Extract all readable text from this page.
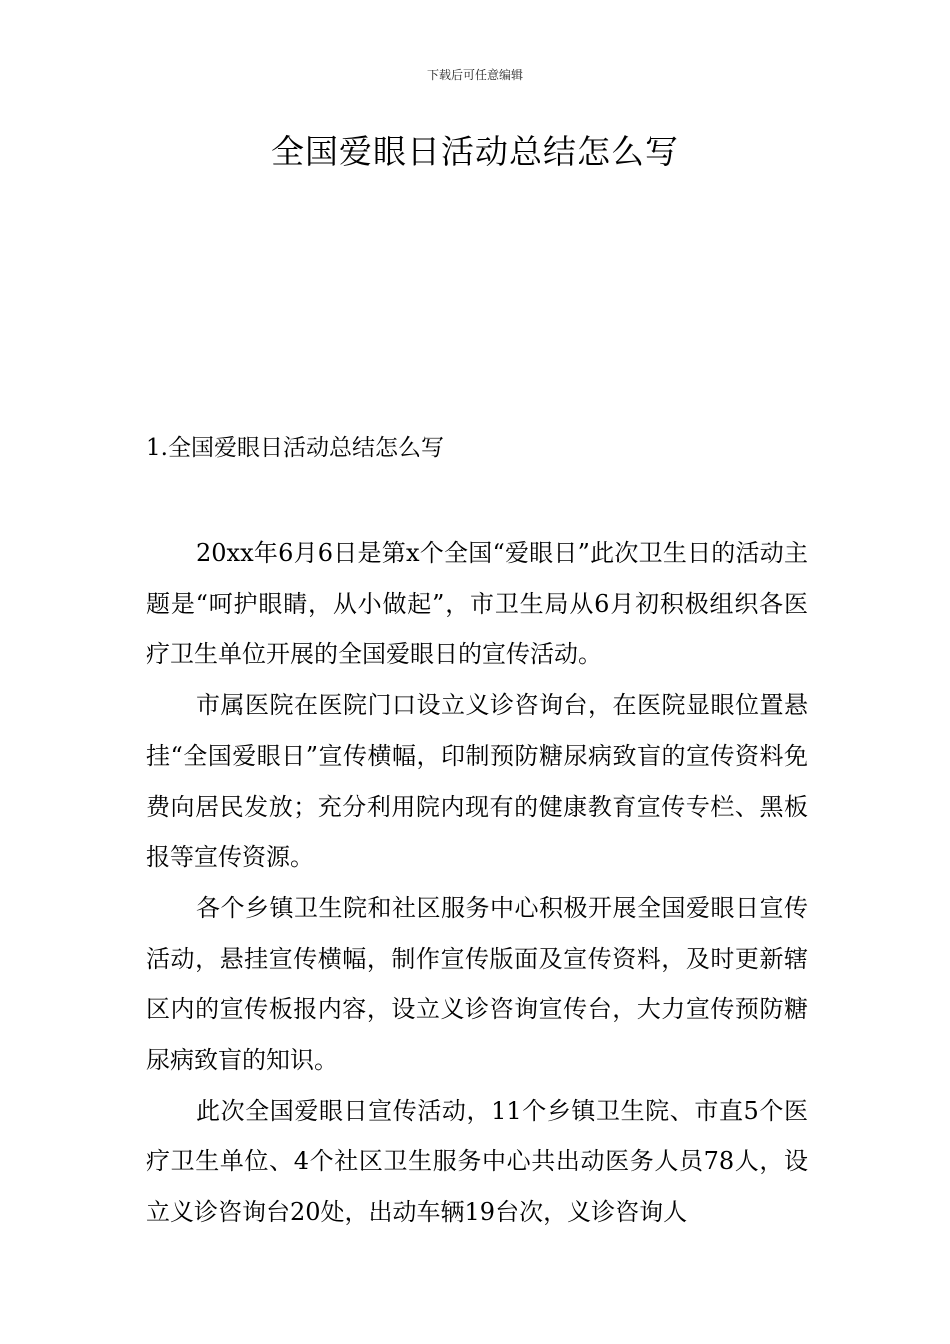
下载后可任意编辑
全国爱眼日活动总结怎么写
1.全国爱眼日活动总结怎么写

20xx年6月6日是第x个全国“爱眼日”此次卫生日的活动主题是“呵护眼睛，从小做起”，市卫生局从6月初积极组织各医疗卫生单位开展的全国爱眼日的宣传活动。

市属医院在医院门口设立义诊咨询台，在医院显眼位置悬挂“全国爱眼日”宣传横幅，印制预防糖尿病致盲的宣传资料免费向居民发放；充分利用院内现有的健康教育宣传专栏、黑板报等宣传资源。

各个乡镇卫生院和社区服务中心积极开展全国爱眼日宣传活动，悬挂宣传横幅，制作宣传版面及宣传资料，及时更新辖区内的宣传板报内容，设立义诊咨询宣传台，大力宣传预防糖尿病致盲的知识。

此次全国爱眼日宣传活动，11个乡镇卫生院、市直5个医疗卫生单位、4个社区卫生服务中心共出动医务人员78人，设立义诊咨询台20处，出动车辆19台次，义诊咨询人
